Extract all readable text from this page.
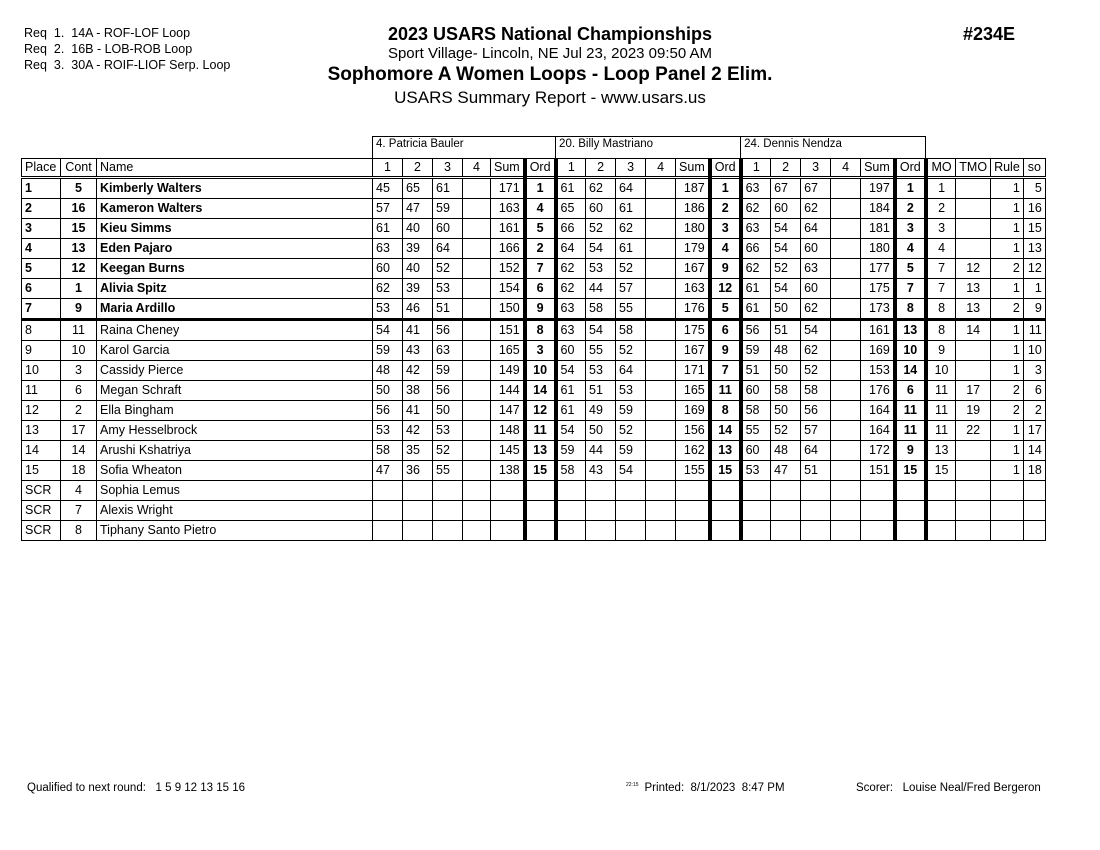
Req  1.  14A - ROF-LOF Loop
Req  2.  16B - LOB-ROB Loop
Req  3.  30A - ROIF-LIOF Serp. Loop
2023 USARS National Championships
Sport Village- Lincoln, NE Jul 23, 2023 09:50 AM
Sophomore A Women Loops - Loop Panel 2 Elim.
USARS Summary Report - www.usars.us
#234E
			4. Patricia Bauler						20. Billy Mastriano						24. Dennis Nendza									
Place	Cont	Name	1	2	3	4	Sum	Ord	1	2	3	4	Sum	Ord	1	2	3	4	Sum	Ord	MO	TMO	Rule	so
1	5	Kimberly Walters	45	65	61		171	1	61	62	64		187	1	63	67	67		197	1	1		1	5
2	16	Kameron Walters	57	47	59		163	4	65	60	61		186	2	62	60	62		184	2	2		1	16
3	15	Kieu Simms	61	40	60		161	5	66	52	62		180	3	63	54	64		181	3	3		1	15
4	13	Eden Pajaro	63	39	64		166	2	64	54	61		179	4	66	54	60		180	4	4		1	13
5	12	Keegan Burns	60	40	52		152	7	62	53	52		167	9	62	52	63		177	5	7	12	2	12
6	1	Alivia Spitz	62	39	53		154	6	62	44	57		163	12	61	54	60		175	7	7	13	1	1
7	9	Maria Ardillo	53	46	51		150	9	63	58	55		176	5	61	50	62		173	8	8	13	2	9
8	11	Raina Cheney	54	41	56		151	8	63	54	58		175	6	56	51	54		161	13	8	14	1	11
9	10	Karol Garcia	59	43	63		165	3	60	55	52		167	9	59	48	62		169	10	9		1	10
10	3	Cassidy Pierce	48	42	59		149	10	54	53	64		171	7	51	50	52		153	14	10		1	3
11	6	Megan Schraft	50	38	56		144	14	61	51	53		165	11	60	58	58		176	6	11	17	2	6
12	2	Ella Bingham	56	41	50		147	12	61	49	59		169	8	58	50	56		164	11	11	19	2	2
13	17	Amy Hesselbrock	53	42	53		148	11	54	50	52		156	14	55	52	57		164	11	11	22	1	17
14	14	Arushi Kshatriya	58	35	52		145	13	59	44	59		162	13	60	48	64		172	9	13		1	14
15	18	Sofia Wheaton	47	36	55		138	15	58	43	54		155	15	53	47	51		151	15	15		1	18
SCR	4	Sophia Lemus																						
SCR	7	Alexis Wright																						
SCR	8	Tiphany Santo Pietro																						
Qualified to next round: 1 5 9 12 13 15 16	$^{22:15}$ Printed:  8/1/2023  8:47 PM	Scorer:   Louise Neal/Fred Bergeron
